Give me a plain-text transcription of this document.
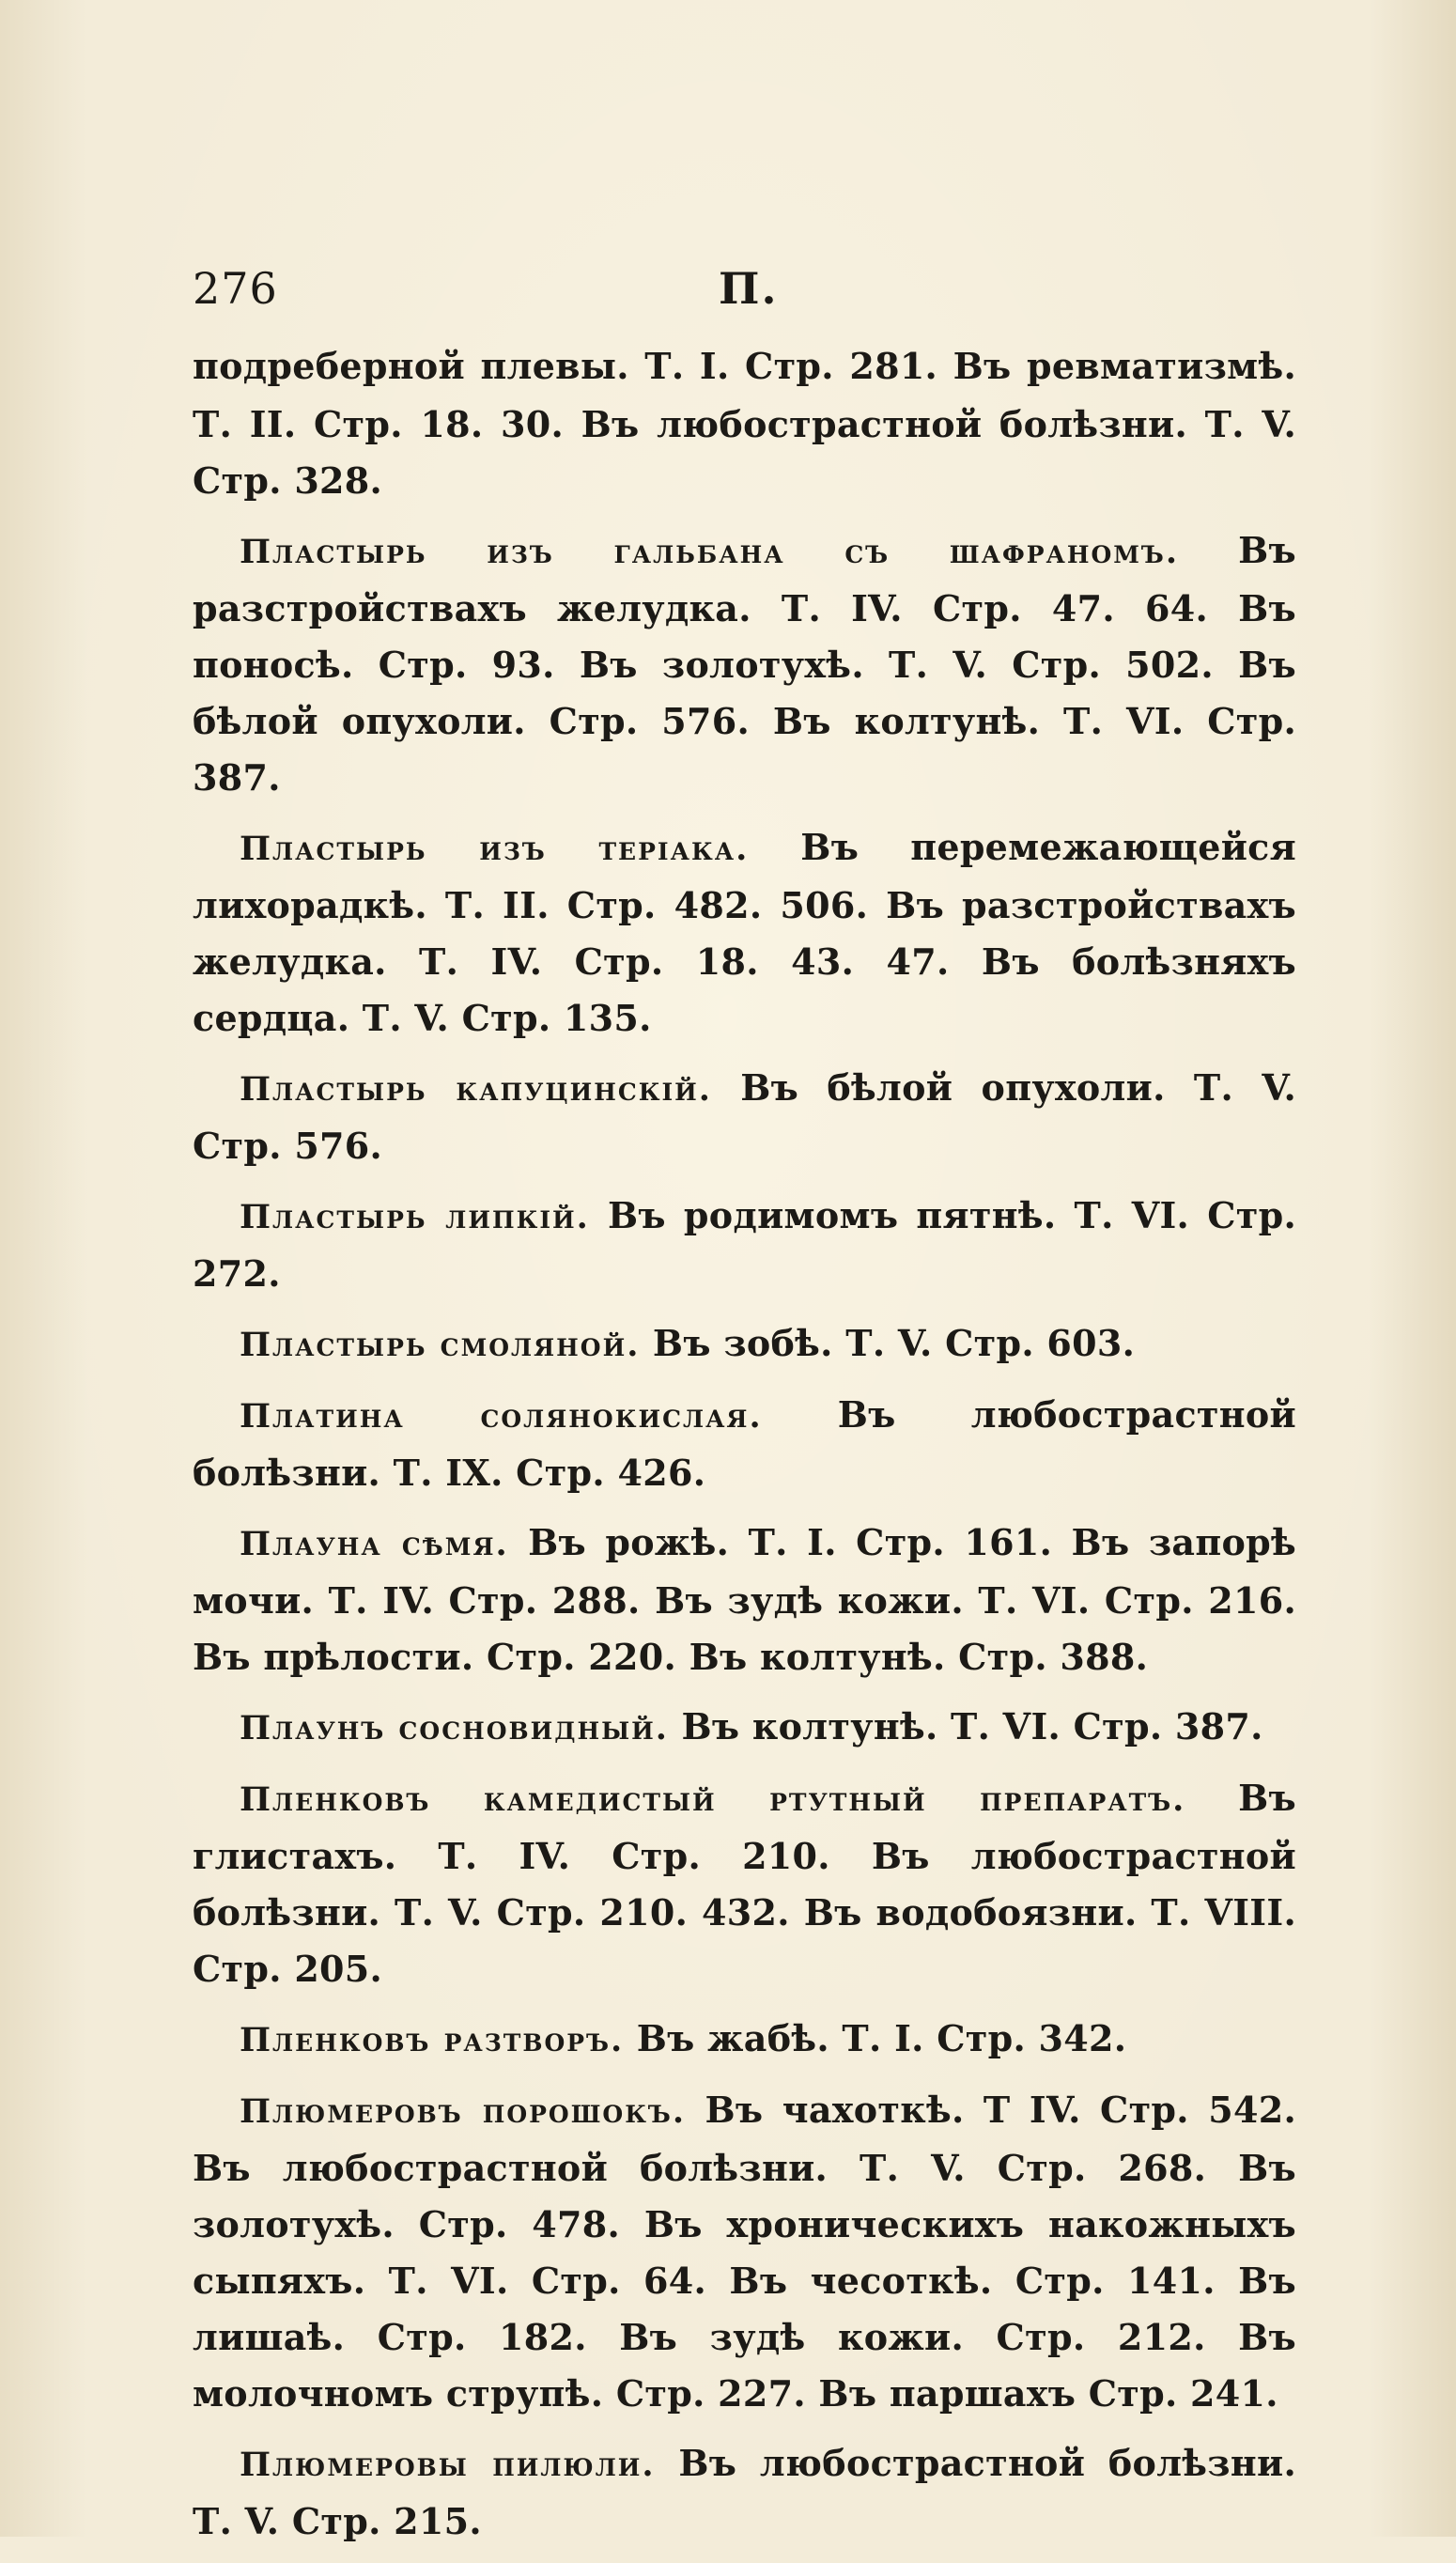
276	П.

подреберной плевы. Т. I. Стр. 281. Въ ревматизмѣ. Т. II. Стр. 18. 30. Въ любострастной болѣзни. Т. V. Стр. 328.

Пластырь изъ гальбана съ шафраномъ. Въ разстройствахъ желудка. Т. IV. Стр. 47. 64. Въ поносѣ. Стр. 93. Въ золотухѣ. Т. V. Стр. 502. Въ бѣлой опухоли. Стр. 576. Въ колтунѣ. Т. VI. Стр. 387.

Пластырь изъ теріака. Въ перемежающейся лихорадкѣ. Т. II. Стр. 482. 506. Въ разстройствахъ желудка. Т. IV. Стр. 18. 43. 47. Въ болѣзняхъ сердца. Т. V. Стр. 135.

Пластырь капуцинскій. Въ бѣлой опухоли. Т. V. Стр. 576.

Пластырь липкій. Въ родимомъ пятнѣ. Т. VI. Стр. 272.

Пластырь смоляной. Въ зобѣ. Т. V. Стр. 603.

Платина солянокислая. Въ любострастной болѣзни. Т. IX. Стр. 426.

Плауна сѣмя. Въ рожѣ. Т. I. Стр. 161. Въ запорѣ мочи. Т. IV. Стр. 288. Въ зудѣ кожи. Т. VI. Стр. 216. Въ прѣлости. Стр. 220. Въ колтунѣ. Стр. 388.

Плаунъ сосновидный. Въ колтунѣ. Т. VI. Стр. 387.

Пленковъ камедистый ртутный препаратъ. Въ глистахъ. Т. IV. Стр. 210. Въ любострастной болѣзни. Т. V. Стр. 210. 432. Въ водобоязни. Т. VIII. Стр. 205.

Пленковъ разтворъ. Въ жабѣ. Т. I. Стр. 342.

Плюмеровъ порошокъ. Въ чахоткѣ. Т IV. Стр. 542. Въ любострастной болѣзни. Т. V. Стр. 268. Въ золотухѣ. Стр. 478. Въ хроническихъ накожныхъ сыпяхъ. Т. VI. Стр. 64. Въ чесоткѣ. Стр. 141. Въ лишаѣ. Стр. 182. Въ зудѣ кожи. Стр. 212. Въ молочномъ струпѣ. Стр. 227. Въ паршахъ Стр. 241.

Плюмеровы пилюли. Въ любострастной болѣзни. Т. V. Стр. 215.
